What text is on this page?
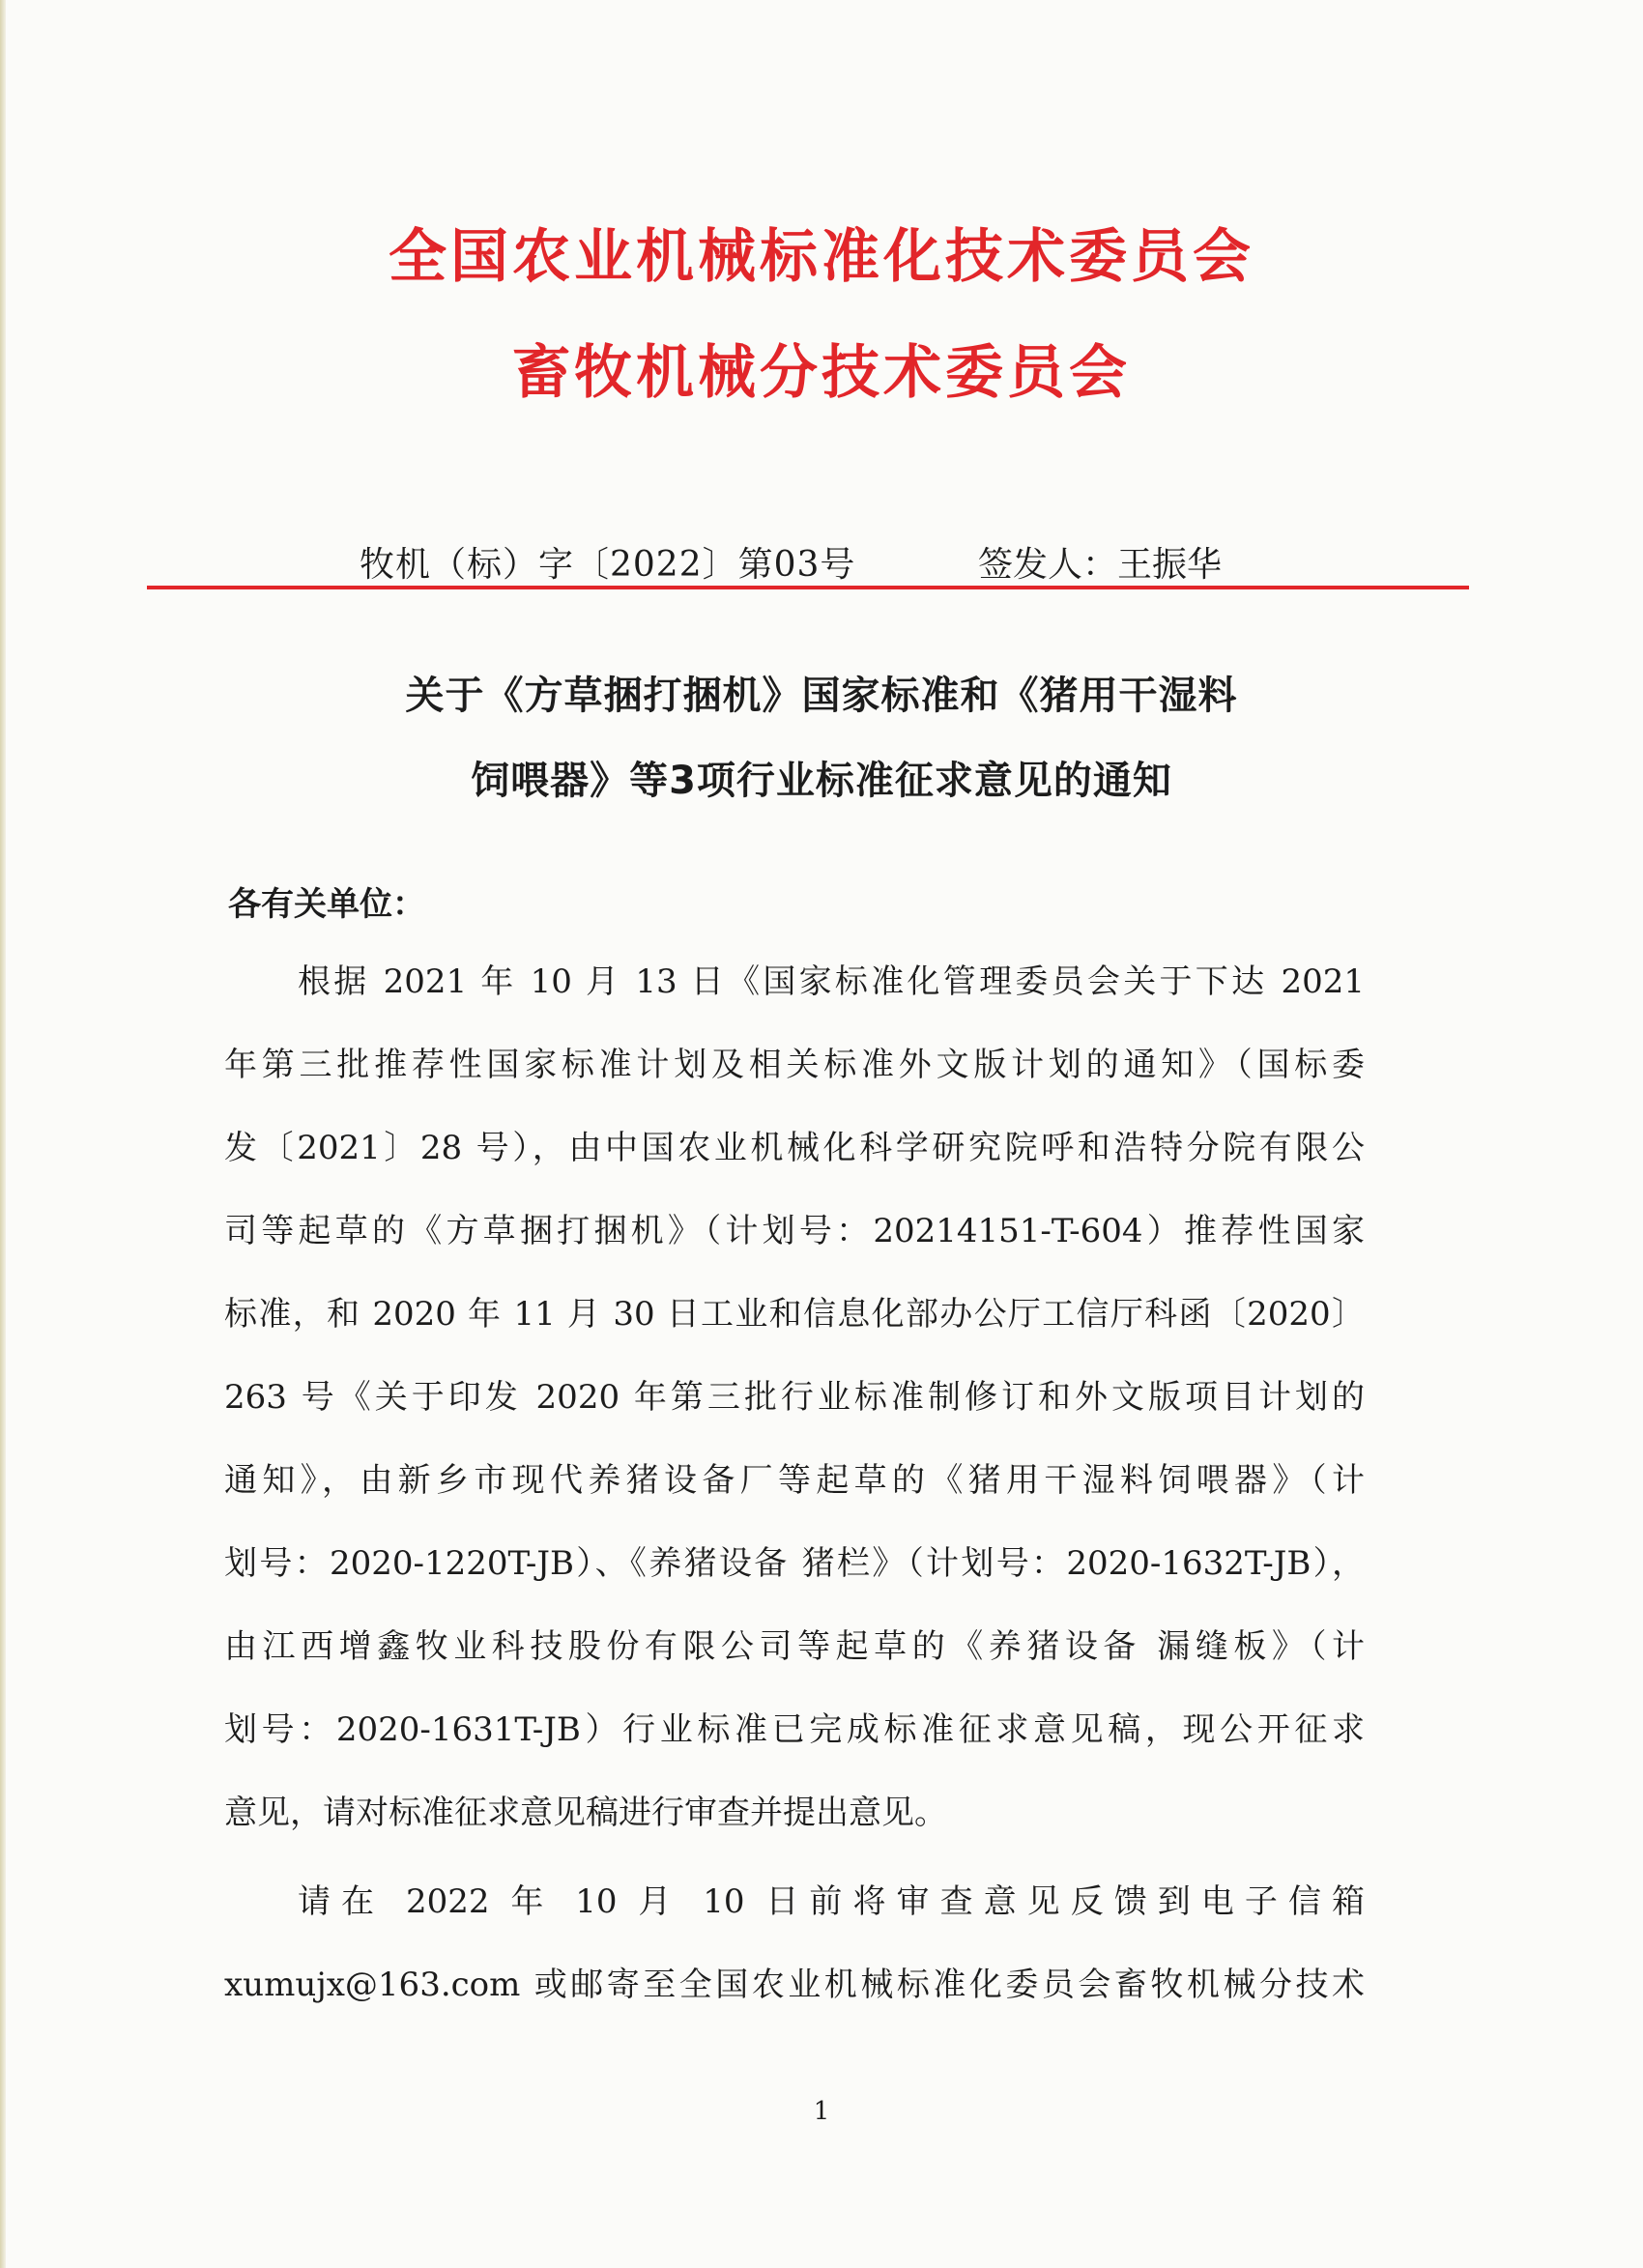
全国农业机械标准化技术委员会
畜牧机械分技术委员会
牧机（标）字〔2022〕第03号	签发人：王振华
关于《方草捆打捆机》国家标准和《猪用干湿料
饲喂器》等3项行业标准征求意见的通知
各有关单位：
根据 2021 年 10 月 13 日《国家标准化管理委员会关于下达 2021
年第三批推荐性国家标准计划及相关标准外文版计划的通知》（国标委
发〔2021〕28 号），由中国农业机械化科学研究院呼和浩特分院有限公
司等起草的《方草捆打捆机》（计划号：20214151-T-604）推荐性国家
标准，和 2020 年 11 月 30 日工业和信息化部办公厅工信厅科函〔2020〕
263 号《关于印发 2020 年第三批行业标准制修订和外文版项目计划的
通知》，由新乡市现代养猪设备厂等起草的《猪用干湿料饲喂器》（计
划号：2020-1220T-JB）、《养猪设备 猪栏》（计划号：2020-1632T-JB），
由江西增鑫牧业科技股份有限公司等起草的《养猪设备 漏缝板》（计
划号：2020-1631T-JB）行业标准已完成标准征求意见稿，现公开征求
意见，请对标准征求意见稿进行审查并提出意见。
请在 2022 年 10 月 10 日前将审查意见反馈到电子信箱
xumujx@163.com 或邮寄至全国农业机械标准化委员会畜牧机械分技术
1
